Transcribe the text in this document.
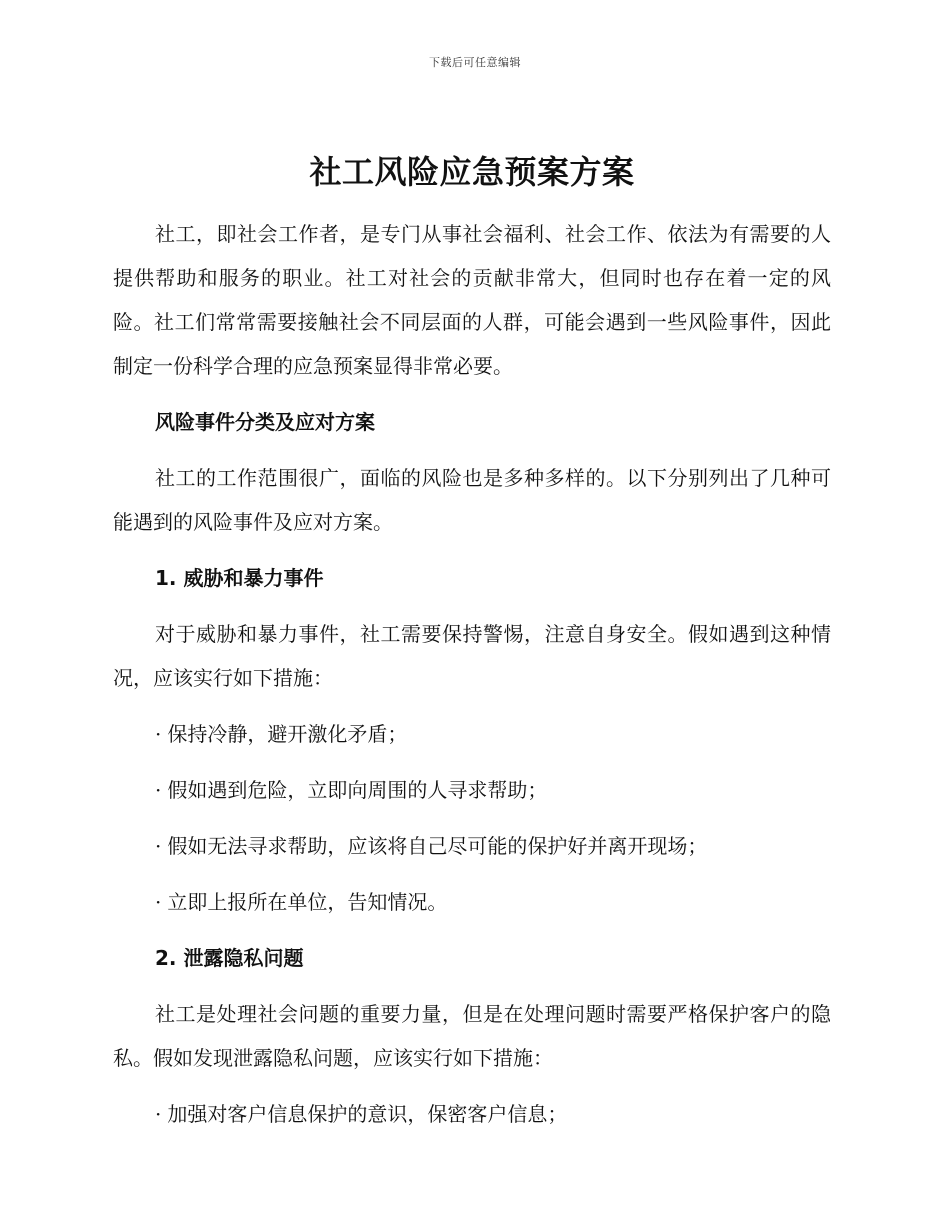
下载后可任意编辑
社工风险应急预案方案

社工，即社会工作者，是专门从事社会福利、社会工作、依法为有需要的人提供帮助和服务的职业。社工对社会的贡献非常大，但同时也存在着一定的风险。社工们常常需要接触社会不同层面的人群，可能会遇到一些风险事件，因此制定一份科学合理的应急预案显得非常必要。

风险事件分类及应对方案

社工的工作范围很广，面临的风险也是多种多样的。以下分别列出了几种可能遇到的风险事件及应对方案。

1. 威胁和暴力事件

对于威胁和暴力事件，社工需要保持警惕，注意自身安全。假如遇到这种情况，应该实行如下措施：

· 保持冷静，避开激化矛盾；
· 假如遇到危险，立即向周围的人寻求帮助；
· 假如无法寻求帮助，应该将自己尽可能的保护好并离开现场；
· 立即上报所在单位，告知情况。
2. 泄露隐私问题

社工是处理社会问题的重要力量，但是在处理问题时需要严格保护客户的隐私。假如发现泄露隐私问题，应该实行如下措施：

· 加强对客户信息保护的意识，保密客户信息；
